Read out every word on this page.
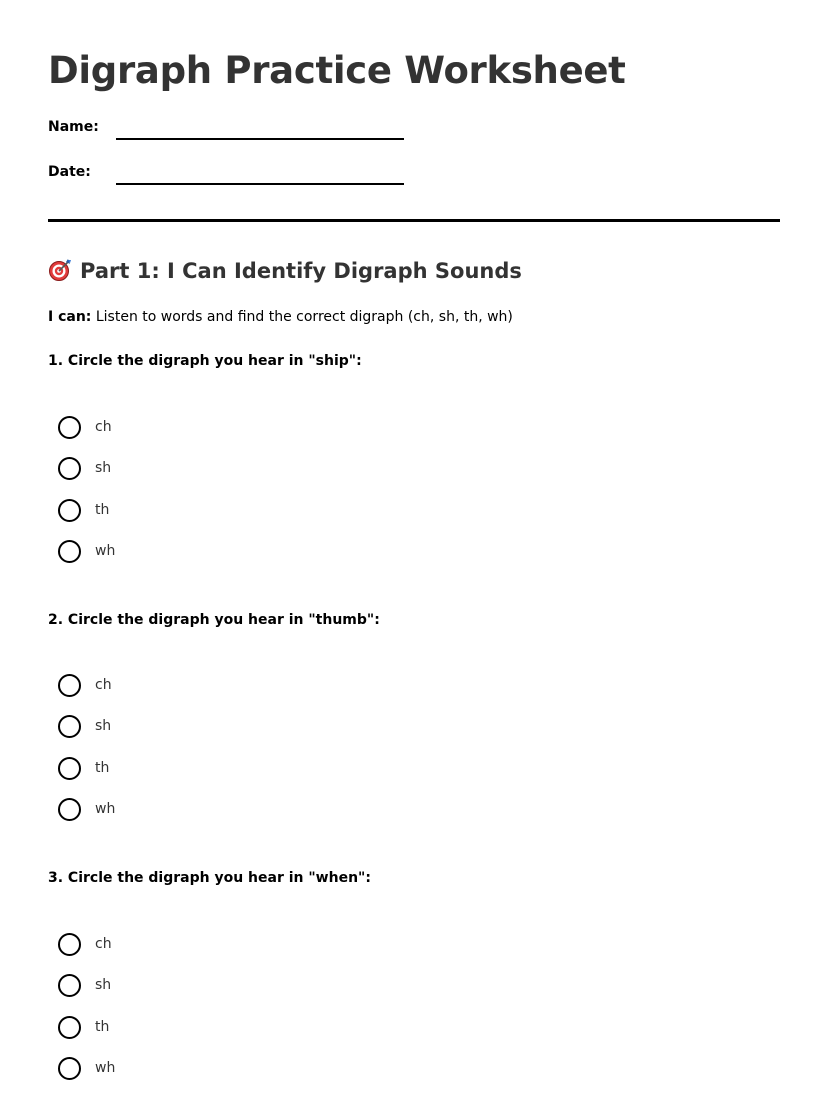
Digraph Practice Worksheet
Name:
Date:
Part 1: I Can Identify Digraph Sounds
I can: Listen to words and find the correct digraph (ch, sh, th, wh)
1. Circle the digraph you hear in "ship":
ch
sh
th
wh
2. Circle the digraph you hear in "thumb":
ch
sh
th
wh
3. Circle the digraph you hear in "when":
ch
sh
th
wh
